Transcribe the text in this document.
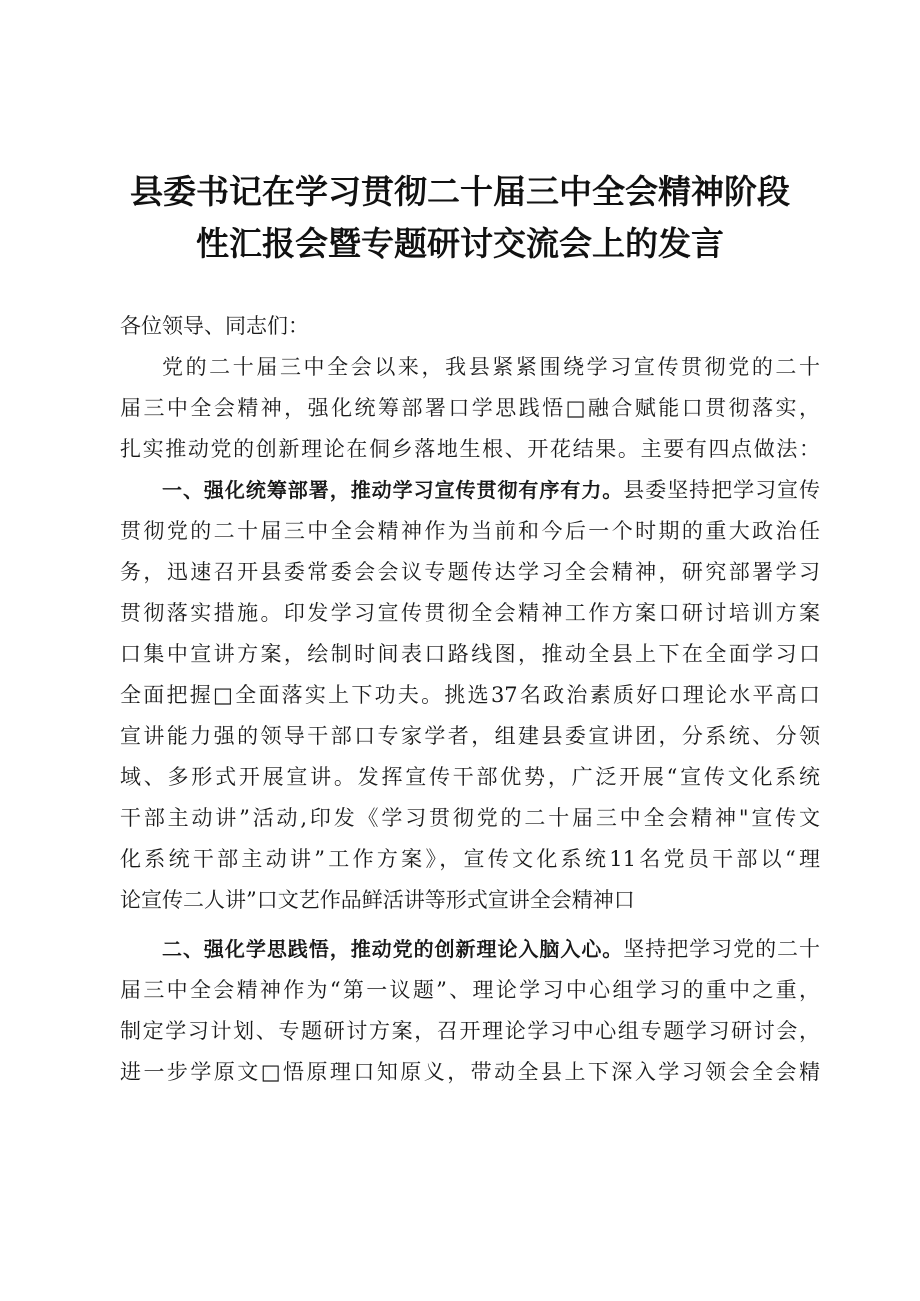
县委书记在学习贯彻二十届三中全会精神阶段
性汇报会暨专题研讨交流会上的发言
各位领导、同志们：
党的二十届三中全会以来，我县紧紧围绕学习宣传贯彻党的二十
届三中全会精神，强化统筹部署口学思践悟□融合赋能口贯彻落实，
扎实推动党的创新理论在侗乡落地生根、开花结果。主要有四点做法：
一、强化统筹部署，推动学习宣传贯彻有序有力。县委坚持把学习宣传
贯彻党的二十届三中全会精神作为当前和今后一个时期的重大政治任
务，迅速召开县委常委会会议专题传达学习全会精神，研究部署学习
贯彻落实措施。印发学习宣传贯彻全会精神工作方案口研讨培训方案
口集中宣讲方案，绘制时间表口路线图，推动全县上下在全面学习口
全面把握□全面落实上下功夫。挑选37名政治素质好口理论水平高口
宣讲能力强的领导干部口专家学者，组建县委宣讲团，分系统、分领
域、多形式开展宣讲。发挥宣传干部优势，广泛开展“宣传文化系统
干部主动讲”活动,印发《学习贯彻党的二十届三中全会精神"宣传文
化系统干部主动讲”工作方案》，宣传文化系统11名党员干部以“理
论宣传二人讲”口文艺作品鲜活讲等形式宣讲全会精神口
二、强化学思践悟，推动党的创新理论入脑入心。坚持把学习党的二十
届三中全会精神作为“第一议题”、理论学习中心组学习的重中之重，
制定学习计划、专题研讨方案，召开理论学习中心组专题学习研讨会，
进一步学原文□悟原理口知原义，带动全县上下深入学习领会全会精
